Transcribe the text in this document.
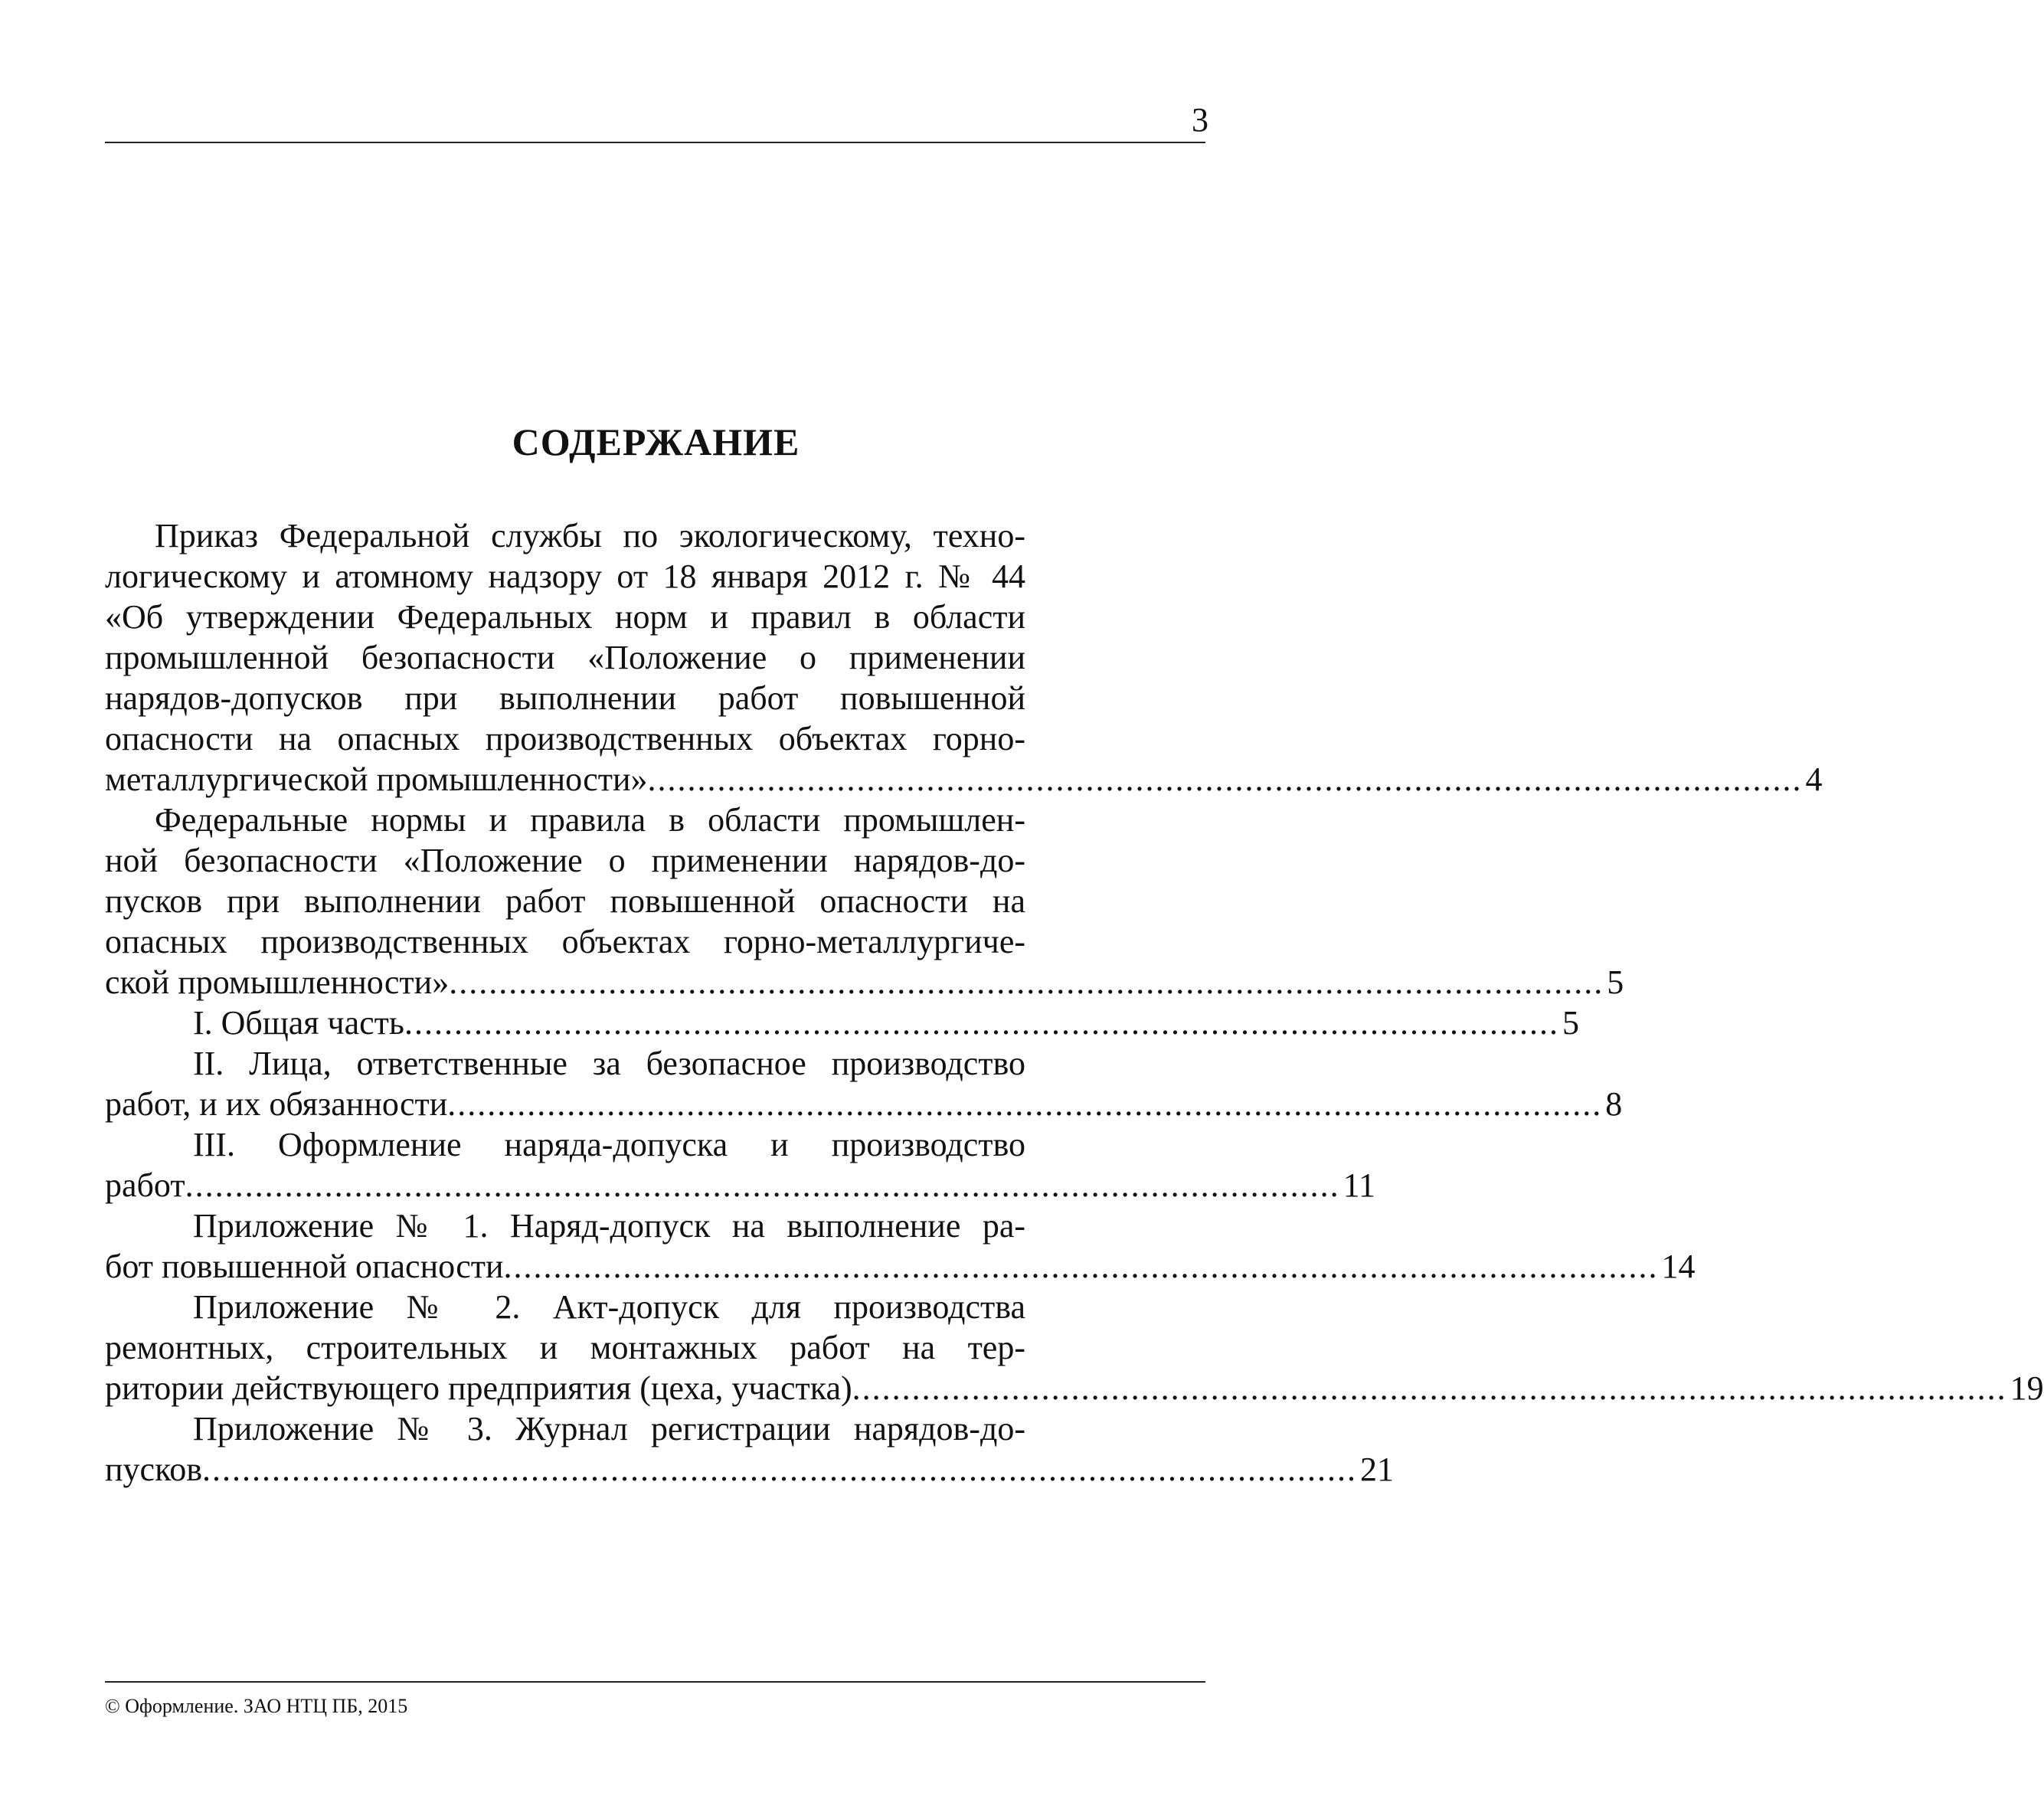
3
СОДЕРЖАНИЕ
Приказ Федеральной службы по экологическому, техно-
логическому и атомному надзору от 18 января 2012 г. № 44
«Об утверждении Федеральных норм и правил в области
промышленной безопасности «Положение о применении
нарядов-допусков при выполнении работ повышенной
опасности на опасных производственных объектах горно-
металлургической промышленности» .................................................................................................................... 4
Федеральные нормы и правила в области промышлен-
ной безопасности «Положение о применении нарядов-до-
пусков при выполнении работ повышенной опасности на
опасных производственных объектах горно-металлургиче-
ской промышленности» .................................................................................................................... 5
I. Общая часть .................................................................................................................... 5
II. Лица, ответственные за безопасное производство
работ, и их обязанности .................................................................................................................... 8
III. Оформление наряда-допуска и производство
работ .................................................................................................................... 11
Приложение № 1. Наряд-допуск на выполнение ра-
бот повышенной опасности .................................................................................................................... 14
Приложение № 2. Акт-допуск для производства
ремонтных, строительных и монтажных работ на тер-
ритории действующего предприятия (цеха, участка) .................................................................................................................... 19
Приложение № 3. Журнал регистрации нарядов-до-
пусков .................................................................................................................... 21
© Оформление. ЗАО НТЦ ПБ, 2015
